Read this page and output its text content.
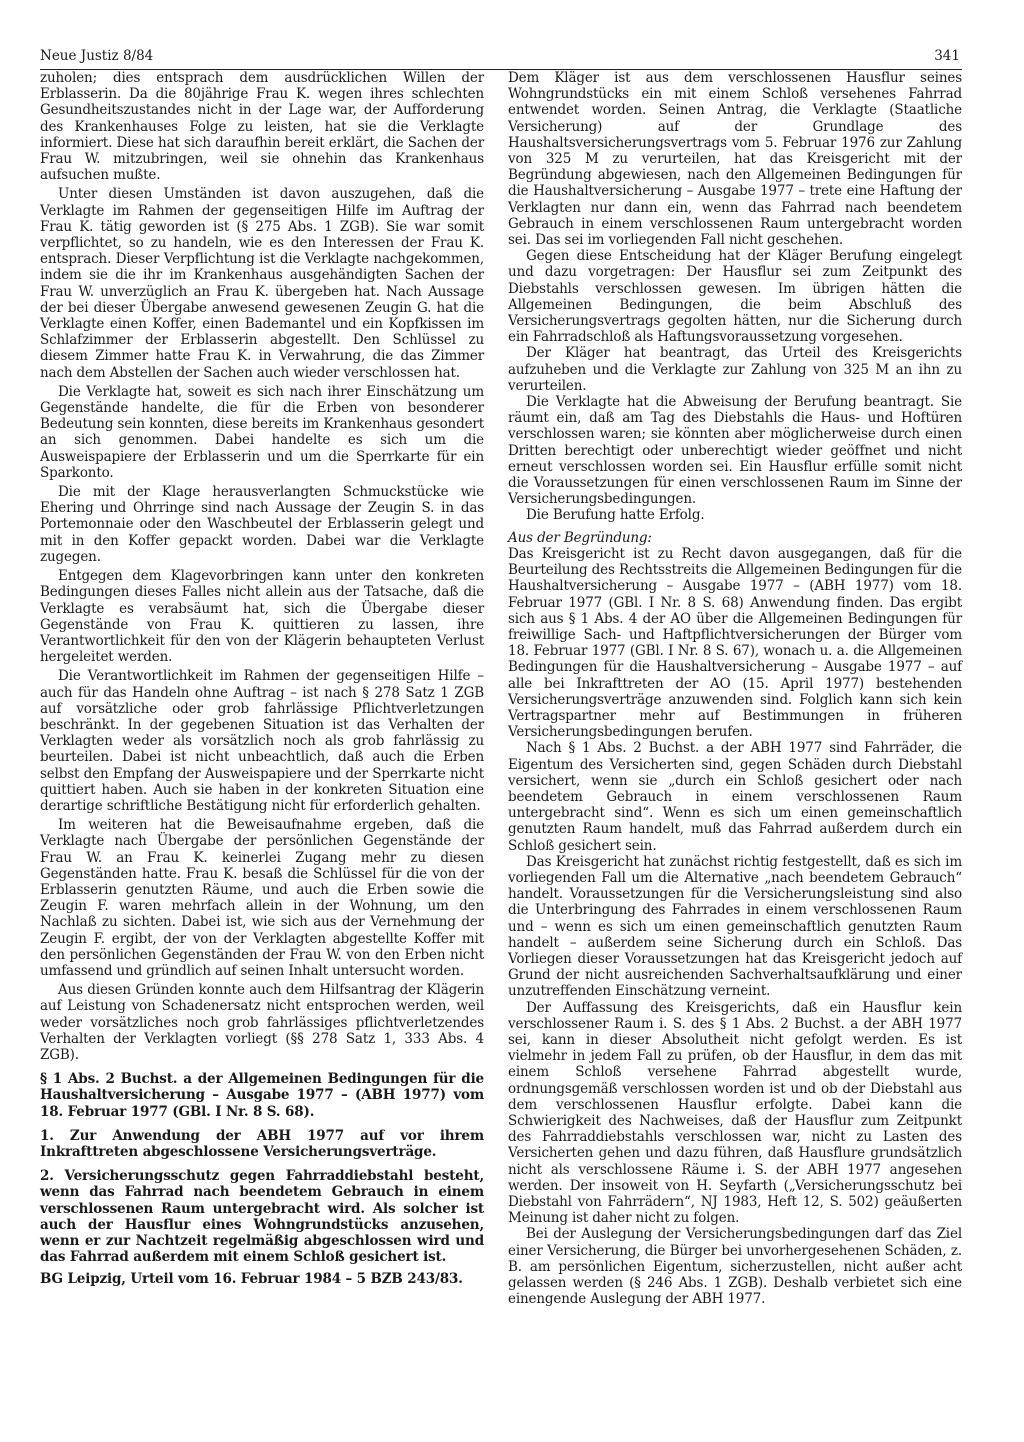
Neue Justiz 8/84	341

zuholen; dies entsprach dem ausdrücklichen Willen der Erblasserin. Da die 80jährige Frau K. wegen ihres schlechten Gesundheitszustandes nicht in der Lage war, der Aufforderung des Krankenhauses Folge zu leisten, hat sie die Verklagte informiert. Diese hat sich daraufhin bereit erklärt, die Sachen der Frau W. mitzubringen, weil sie ohnehin das Krankenhaus aufsuchen mußte.

Unter diesen Umständen ist davon auszugehen, daß die Verklagte im Rahmen der gegenseitigen Hilfe im Auftrag der Frau K. tätig geworden ist (§ 275 Abs. 1 ZGB). Sie war somit verpflichtet, so zu handeln, wie es den Interessen der Frau K. entsprach. Dieser Verpflichtung ist die Verklagte nachgekommen, indem sie die ihr im Krankenhaus ausgehändigten Sachen der Frau W. unverzüglich an Frau K. übergeben hat. Nach Aussage der bei dieser Übergabe anwesend gewesenen Zeugin G. hat die Verklagte einen Koffer, einen Bademantel und ein Kopfkissen im Schlafzimmer der Erblasserin abgestellt. Den Schlüssel zu diesem Zimmer hatte Frau K. in Verwahrung, die das Zimmer nach dem Abstellen der Sachen auch wieder verschlossen hat.

Die Verklagte hat, soweit es sich nach ihrer Einschätzung um Gegenstände handelte, die für die Erben von besonderer Bedeutung sein konnten, diese bereits im Krankenhaus gesondert an sich genommen. Dabei handelte es sich um die Ausweispapiere der Erblasserin und um die Sperrkarte für ein Sparkonto.

Die mit der Klage herausverlangten Schmuckstücke wie Ehering und Ohrringe sind nach Aussage der Zeugin S. in das Portemonnaie oder den Waschbeutel der Erblasserin gelegt und mit in den Koffer gepackt worden. Dabei war die Verklagte zugegen.

Entgegen dem Klagevorbringen kann unter den konkreten Bedingungen dieses Falles nicht allein aus der Tatsache, daß die Verklagte es verabsäumt hat, sich die Übergabe dieser Gegenstände von Frau K. quittieren zu lassen, ihre Verantwortlichkeit für den von der Klägerin behaupteten Verlust hergeleitet werden.

Die Verantwortlichkeit im Rahmen der gegenseitigen Hilfe – auch für das Handeln ohne Auftrag – ist nach § 278 Satz 1 ZGB auf vorsätzliche oder grob fahrlässige Pflichtverletzungen beschränkt. In der gegebenen Situation ist das Verhalten der Verklagten weder als vorsätzlich noch als grob fahrlässig zu beurteilen. Dabei ist nicht unbeachtlich, daß auch die Erben selbst den Empfang der Ausweispapiere und der Sperrkarte nicht quittiert haben. Auch sie haben in der konkreten Situation eine derartige schriftliche Bestätigung nicht für erforderlich gehalten.

Im weiteren hat die Beweisaufnahme ergeben, daß die Verklagte nach Übergabe der persönlichen Gegenstände der Frau W. an Frau K. keinerlei Zugang mehr zu diesen Gegenständen hatte. Frau K. besaß die Schlüssel für die von der Erblasserin genutzten Räume, und auch die Erben sowie die Zeugin F. waren mehrfach allein in der Wohnung, um den Nachlaß zu sichten. Dabei ist, wie sich aus der Vernehmung der Zeugin F. ergibt, der von der Verklagten abgestellte Koffer mit den persönlichen Gegenständen der Frau W. von den Erben nicht umfassend und gründlich auf seinen Inhalt untersucht worden.

Aus diesen Gründen konnte auch dem Hilfsantrag der Klägerin auf Leistung von Schadenersatz nicht entsprochen werden, weil weder vorsätzliches noch grob fahrlässiges pflichtverletzendes Verhalten der Verklagten vorliegt (§§ 278 Satz 1, 333 Abs. 4 ZGB).

§ 1 Abs. 2 Buchst. a der Allgemeinen Bedingungen für die Haushaltversicherung – Ausgabe 1977 – (ABH 1977) vom 18. Februar 1977 (GBl. I Nr. 8 S. 68).

1. Zur Anwendung der ABH 1977 auf vor ihrem Inkrafttreten abgeschlossene Versicherungsverträge.

2. Versicherungsschutz gegen Fahrraddiebstahl besteht, wenn das Fahrrad nach beendetem Gebrauch in einem verschlossenen Raum untergebracht wird. Als solcher ist auch der Hausflur eines Wohngrundstücks anzusehen, wenn er zur Nachtzeit regelmäßig abgeschlossen wird und das Fahrrad außerdem mit einem Schloß gesichert ist.

BG Leipzig, Urteil vom 16. Februar 1984 – 5 BZB 243/83.

Dem Kläger ist aus dem verschlossenen Hausflur seines Wohngrundstücks ein mit einem Schloß versehenes Fahrrad entwendet worden. Seinen Antrag, die Verklagte (Staatliche Versicherung) auf der Grundlage des Haushaltsversicherungsvertrags vom 5. Februar 1976 zur Zahlung von 325 M zu verurteilen, hat das Kreisgericht mit der Begründung abgewiesen, nach den Allgemeinen Bedingungen für die Haushaltversicherung – Ausgabe 1977 – trete eine Haftung der Verklagten nur dann ein, wenn das Fahrrad nach beendetem Gebrauch in einem verschlossenen Raum untergebracht worden sei. Das sei im vorliegenden Fall nicht geschehen.

Gegen diese Entscheidung hat der Kläger Berufung eingelegt und dazu vorgetragen: Der Hausflur sei zum Zeitpunkt des Diebstahls verschlossen gewesen. Im übrigen hätten die Allgemeinen Bedingungen, die beim Abschluß des Versicherungsvertrags gegolten hätten, nur die Sicherung durch ein Fahrradschloß als Haftungsvoraussetzung vorgesehen.

Der Kläger hat beantragt, das Urteil des Kreisgerichts aufzuheben und die Verklagte zur Zahlung von 325 M an ihn zu verurteilen.

Die Verklagte hat die Abweisung der Berufung beantragt. Sie räumt ein, daß am Tag des Diebstahls die Haus- und Hoftüren verschlossen waren; sie könnten aber möglicherweise durch einen Dritten berechtigt oder unberechtigt wieder geöffnet und nicht erneut verschlossen worden sei. Ein Hausflur erfülle somit nicht die Voraussetzungen für einen verschlossenen Raum im Sinne der Versicherungsbedingungen.

Die Berufung hatte Erfolg.

Aus der Begründung:

Das Kreisgericht ist zu Recht davon ausgegangen, daß für die Beurteilung des Rechtsstreits die Allgemeinen Bedingungen für die Haushaltversicherung – Ausgabe 1977 – (ABH 1977) vom 18. Februar 1977 (GBl. I Nr. 8 S. 68) Anwendung finden. Das ergibt sich aus § 1 Abs. 4 der AO über die Allgemeinen Bedingungen für freiwillige Sach- und Haftpflichtversicherungen der Bürger vom 18. Februar 1977 (GBl. I Nr. 8 S. 67), wonach u. a. die Allgemeinen Bedingungen für die Haushaltversicherung – Ausgabe 1977 – auf alle bei Inkrafttreten der AO (15. April 1977) bestehenden Versicherungsverträge anzuwenden sind. Folglich kann sich kein Vertragspartner mehr auf Bestimmungen in früheren Versicherungsbedingungen berufen.

Nach § 1 Abs. 2 Buchst. a der ABH 1977 sind Fahrräder, die Eigentum des Versicherten sind, gegen Schäden durch Diebstahl versichert, wenn sie „durch ein Schloß gesichert oder nach beendetem Gebrauch in einem verschlossenen Raum untergebracht sind“. Wenn es sich um einen gemeinschaftlich genutzten Raum handelt, muß das Fahrrad außerdem durch ein Schloß gesichert sein.

Das Kreisgericht hat zunächst richtig festgestellt, daß es sich im vorliegenden Fall um die Alternative „nach beendetem Gebrauch“ handelt. Voraussetzungen für die Versicherungsleistung sind also die Unterbringung des Fahrrades in einem verschlossenen Raum und – wenn es sich um einen gemeinschaftlich genutzten Raum handelt – außerdem seine Sicherung durch ein Schloß. Das Vorliegen dieser Voraussetzungen hat das Kreisgericht jedoch auf Grund der nicht ausreichenden Sachverhaltsaufklärung und einer unzutreffenden Einschätzung verneint.

Der Auffassung des Kreisgerichts, daß ein Hausflur kein verschlossener Raum i. S. des § 1 Abs. 2 Buchst. a der ABH 1977 sei, kann in dieser Absolutheit nicht gefolgt werden. Es ist vielmehr in jedem Fall zu prüfen, ob der Hausflur, in dem das mit einem Schloß versehene Fahrrad abgestellt wurde, ordnungsgemäß verschlossen worden ist und ob der Diebstahl aus dem verschlossenen Hausflur erfolgte. Dabei kann die Schwierigkeit des Nachweises, daß der Hausflur zum Zeitpunkt des Fahrraddiebstahls verschlossen war, nicht zu Lasten des Versicherten gehen und dazu führen, daß Hausflure grundsätzlich nicht als verschlossene Räume i. S. der ABH 1977 angesehen werden. Der insoweit von H. Seyfarth („Versicherungsschutz bei Diebstahl von Fahrrädern“, NJ 1983, Heft 12, S. 502) geäußerten Meinung ist daher nicht zu folgen.

Bei der Auslegung der Versicherungsbedingungen darf das Ziel einer Versicherung, die Bürger bei unvorhergesehenen Schäden, z. B. am persönlichen Eigentum, sicherzustellen, nicht außer acht gelassen werden (§ 246 Abs. 1 ZGB). Deshalb verbietet sich eine einengende Auslegung der ABH 1977.
